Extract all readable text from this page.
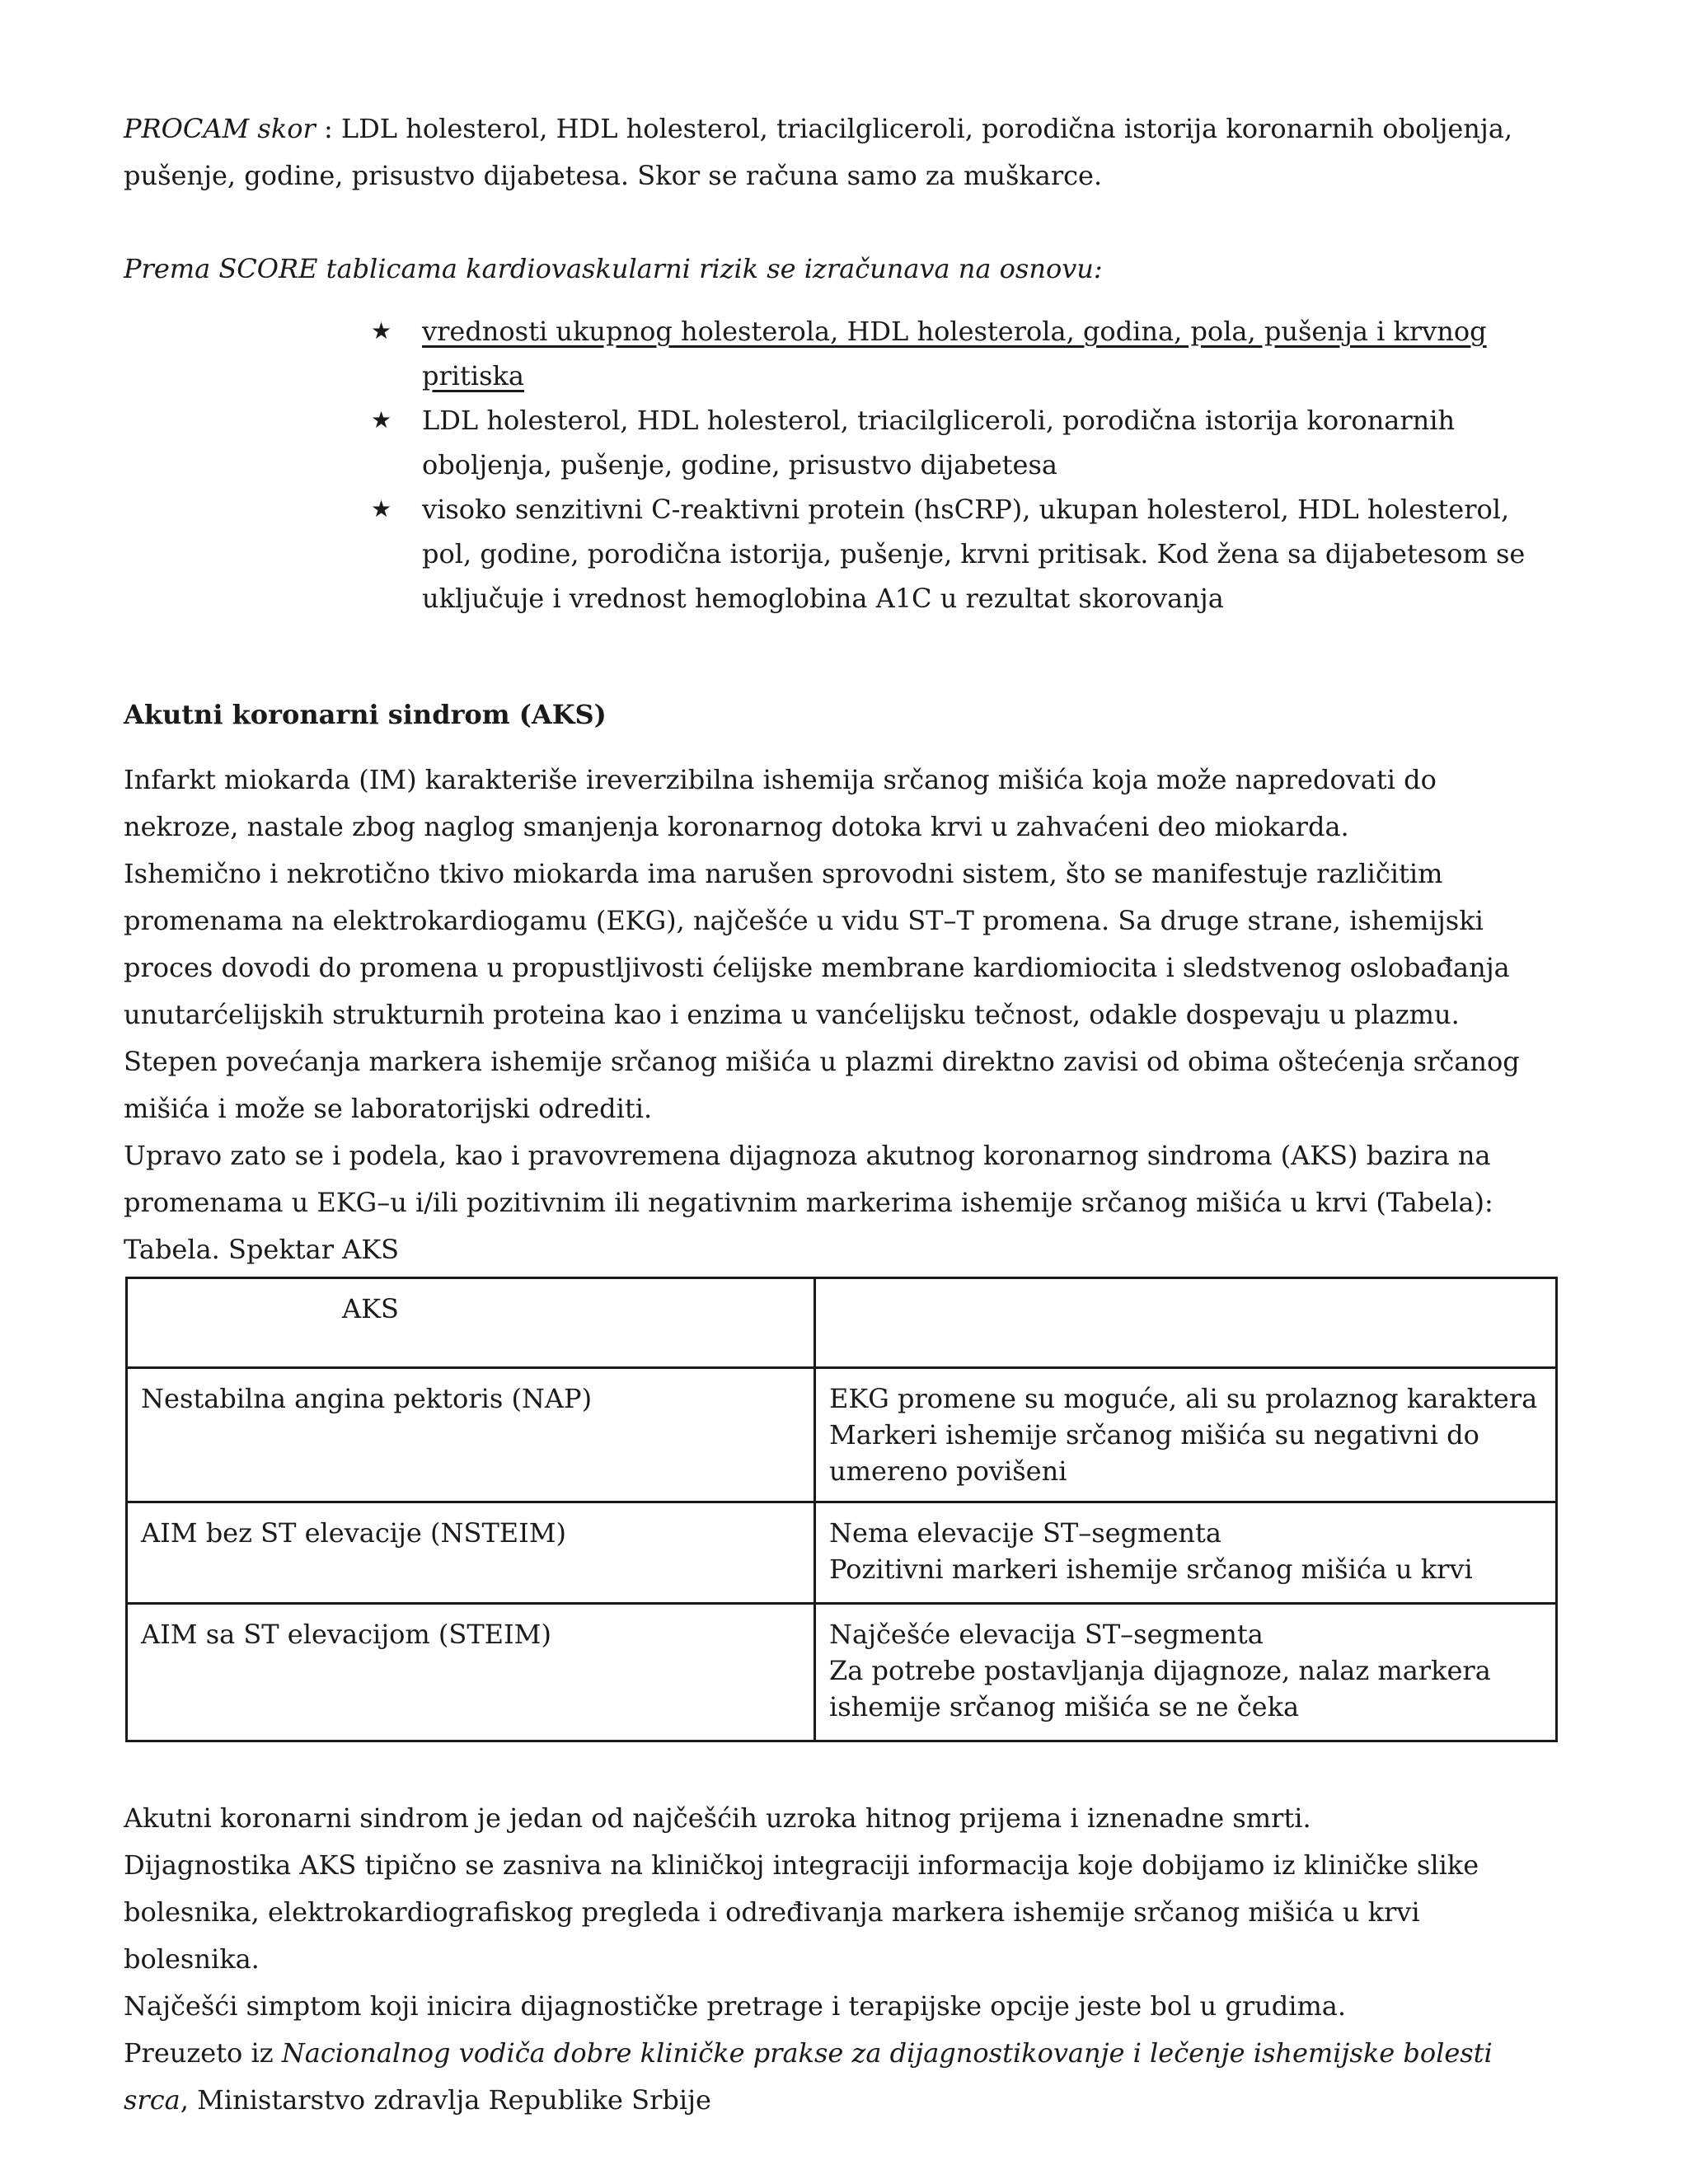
PROCAM skor : LDL holesterol, HDL holesterol, triacilgliceroli, porodična istorija koronarnih oboljenja, pušenje, godine, prisustvo dijabetesa. Skor se računa samo za muškarce.

Prema SCORE tablicama kardiovaskularni rizik se izračunava na osnovu:

★ vrednosti ukupnog holesterola, HDL holesterola, godina, pola, pušenja i krvnog pritiska
★ LDL holesterol, HDL holesterol, triacilgliceroli, porodična istorija koronarnih oboljenja, pušenje, godine, prisustvo dijabetesa
★ visoko senzitivni C-reaktivni protein (hsCRP), ukupan holesterol, HDL holesterol, pol, godine, porodična istorija, pušenje, krvni pritisak. Kod žena sa dijabetesom se uključuje i vrednost hemoglobina A1C u rezultat skorovanja
Akutni koronarni sindrom (AKS)

Infarkt miokarda (IM) karakteriše ireverzibilna ishemija srčanog mišića koja može napredovati do nekroze, nastale zbog naglog smanjenja koronarnog dotoka krvi u zahvaćeni deo miokarda.

Ishemično i nekrotično tkivo miokarda ima narušen sprovodni sistem, što se manifestuje različitim promenama na elektrokardiogamu (EKG), najčešće u vidu ST–T promena. Sa druge strane, ishemijski proces dovodi do promena u propustljivosti ćelijske membrane kardiomiocita i sledstvenog oslobađanja unutarćelijskih strukturnih proteina kao i enzima u vanćelijsku tečnost, odakle dospevaju u plazmu. Stepen povećanja markera ishemije srčanog mišića u plazmi direktno zavisi od obima oštećenja srčanog mišića i može se laboratorijski odrediti.

Upravo zato se i podela, kao i pravovremena dijagnoza akutnog koronarnog sindroma (AKS) bazira na promenama u EKG–u i/ili pozitivnim ili negativnim markerima ishemije srčanog mišića u krvi (Tabela):

Tabela. Spektar AKS

AKS	
Nestabilna angina pektoris (NAP)	EKG promene su moguće, ali su prolaznog karaktera
Markeri ishemije srčanog mišića su negativni do umereno povišeni

AIM bez ST elevacije (NSTEIM)	Nema elevacije ST–segmenta
Pozitivni markeri ishemije srčanog mišića u krvi

AIM sa ST elevacijom (STEIM)	Najčešće elevacija ST–segmenta
Za potrebe postavljanja dijagnoze, nalaz markera ishemije srčanog mišića se ne čeka

Akutni koronarni sindrom je jedan od najčešćih uzroka hitnog prijema i iznenadne smrti.

Dijagnostika AKS tipično se zasniva na kliničkoj integraciji informacija koje dobijamo iz kliničke slike bolesnika, elektrokardiografiskog pregleda i određivanja markera ishemije srčanog mišića u krvi bolesnika.

Najčešći simptom koji inicira dijagnostičke pretrage i terapijske opcije jeste bol u grudima.

Preuzeto iz Nacionalnog vodiča dobre kliničke prakse za dijagnostikovanje i lečenje ishemijske bolesti srca, Ministarstvo zdravlja Republike Srbije
